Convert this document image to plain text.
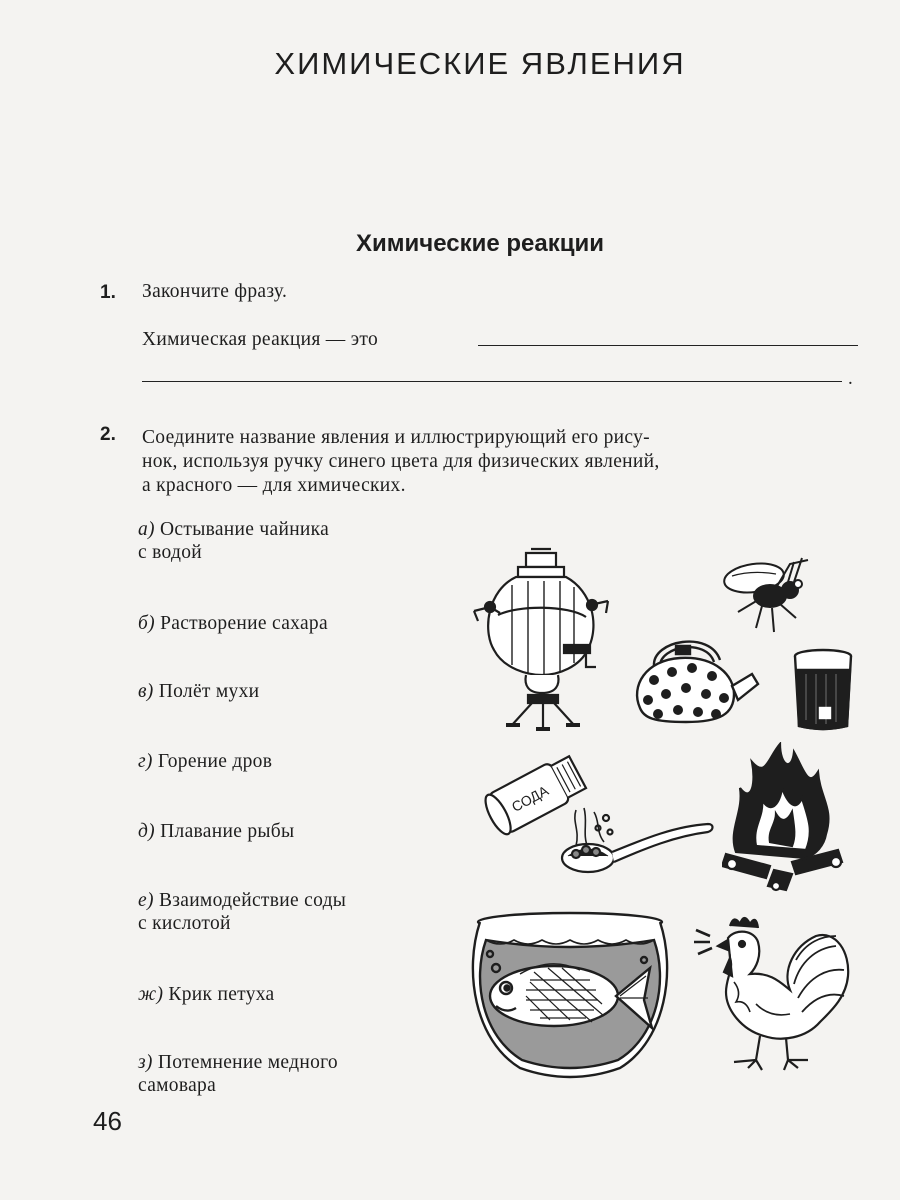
ХИМИЧЕСКИЕ ЯВЛЕНИЯ
Химические реакции
1. Закончите фразу.
Химическая реакция — это
.
2. Соедините название явления и иллюстрирующий его рису-
нок, используя ручку синего цвета для физических явлений,
а красного — для химических.
а) Остывание чайника
с водой
б) Растворение сахара
в) Полёт мухи
г) Горение дров
д) Плавание рыбы
е) Взаимодействие соды
с кислотой
ж) Крик петуха
з) Потемнение медного
самовара
СОДА
46
